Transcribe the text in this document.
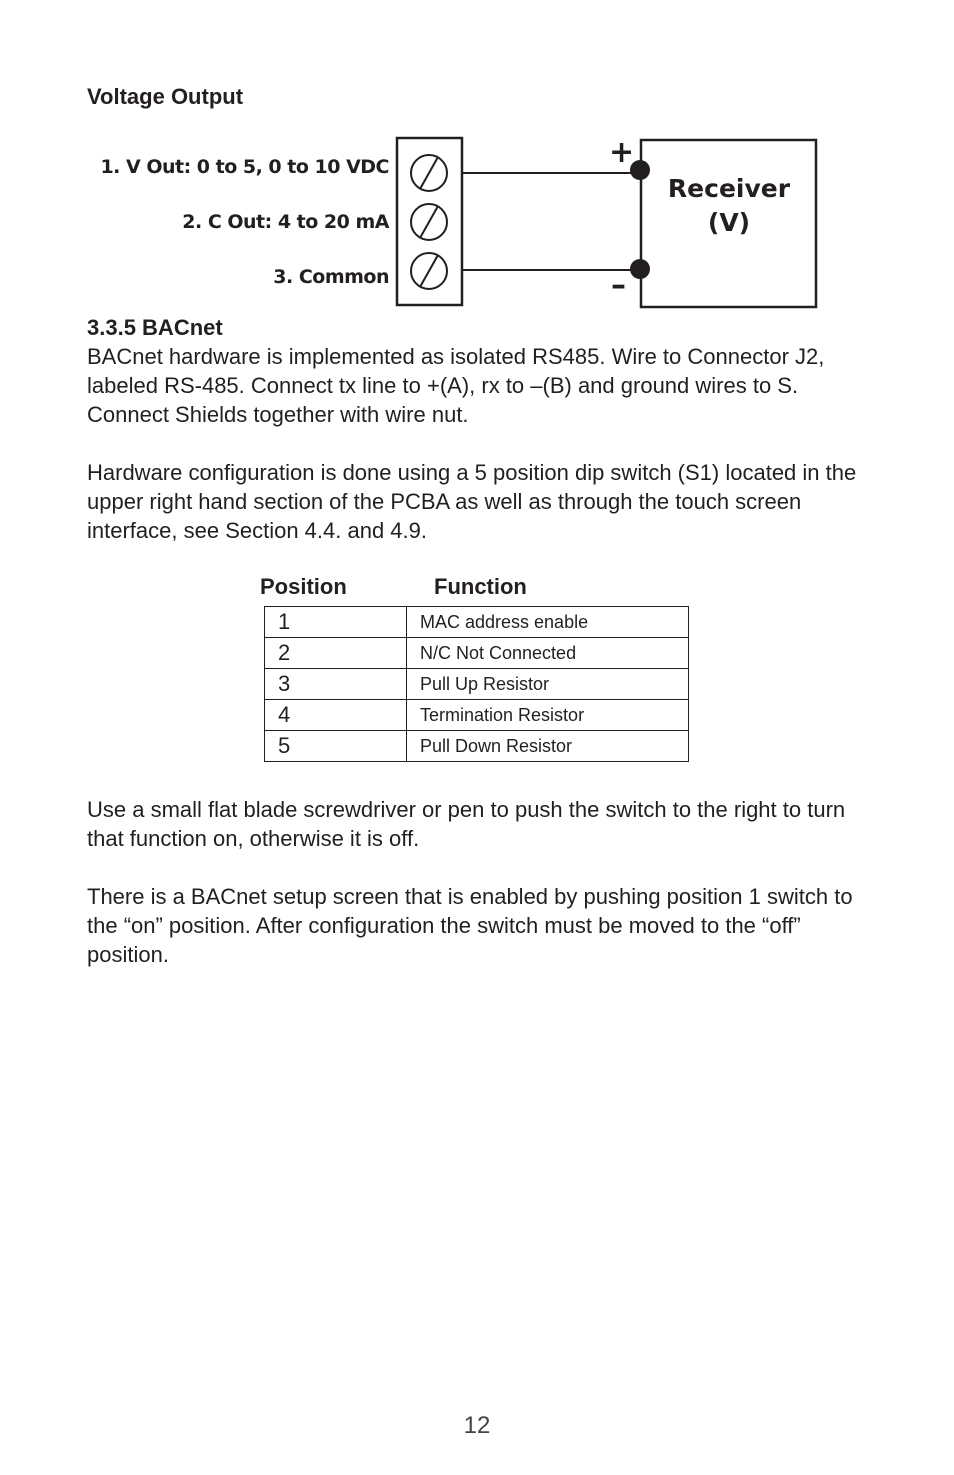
Voltage Output
1. V Out: 0 to 5, 0 to 10 VDC
2. C Out: 4 to 20 mA
3. Common
Receiver
(V)
+
–
3.3.5 BACnet

BACnet hardware is implemented as isolated RS485. Wire to Connector J2, labeled RS-485. Connect tx line to +(A), rx to –(B) and ground wires to S. Connect Shields together with wire nut.

Hardware configuration is done using a 5 position dip switch (S1) located in the upper right hand section of the PCBA as well as through the touch screen interface, see Section 4.4. and 4.9.

Position	Function
1	MAC address enable
2	N/C Not Connected
3	Pull Up Resistor
4	Termination Resistor
5	Pull Down Resistor

Use a small flat blade screwdriver or pen to push the switch to the right to turn that function on, otherwise it is off.

There is a BACnet setup screen that is enabled by pushing position 1 switch to the “on” position. After configuration the switch must be moved to the “off” position.

12
